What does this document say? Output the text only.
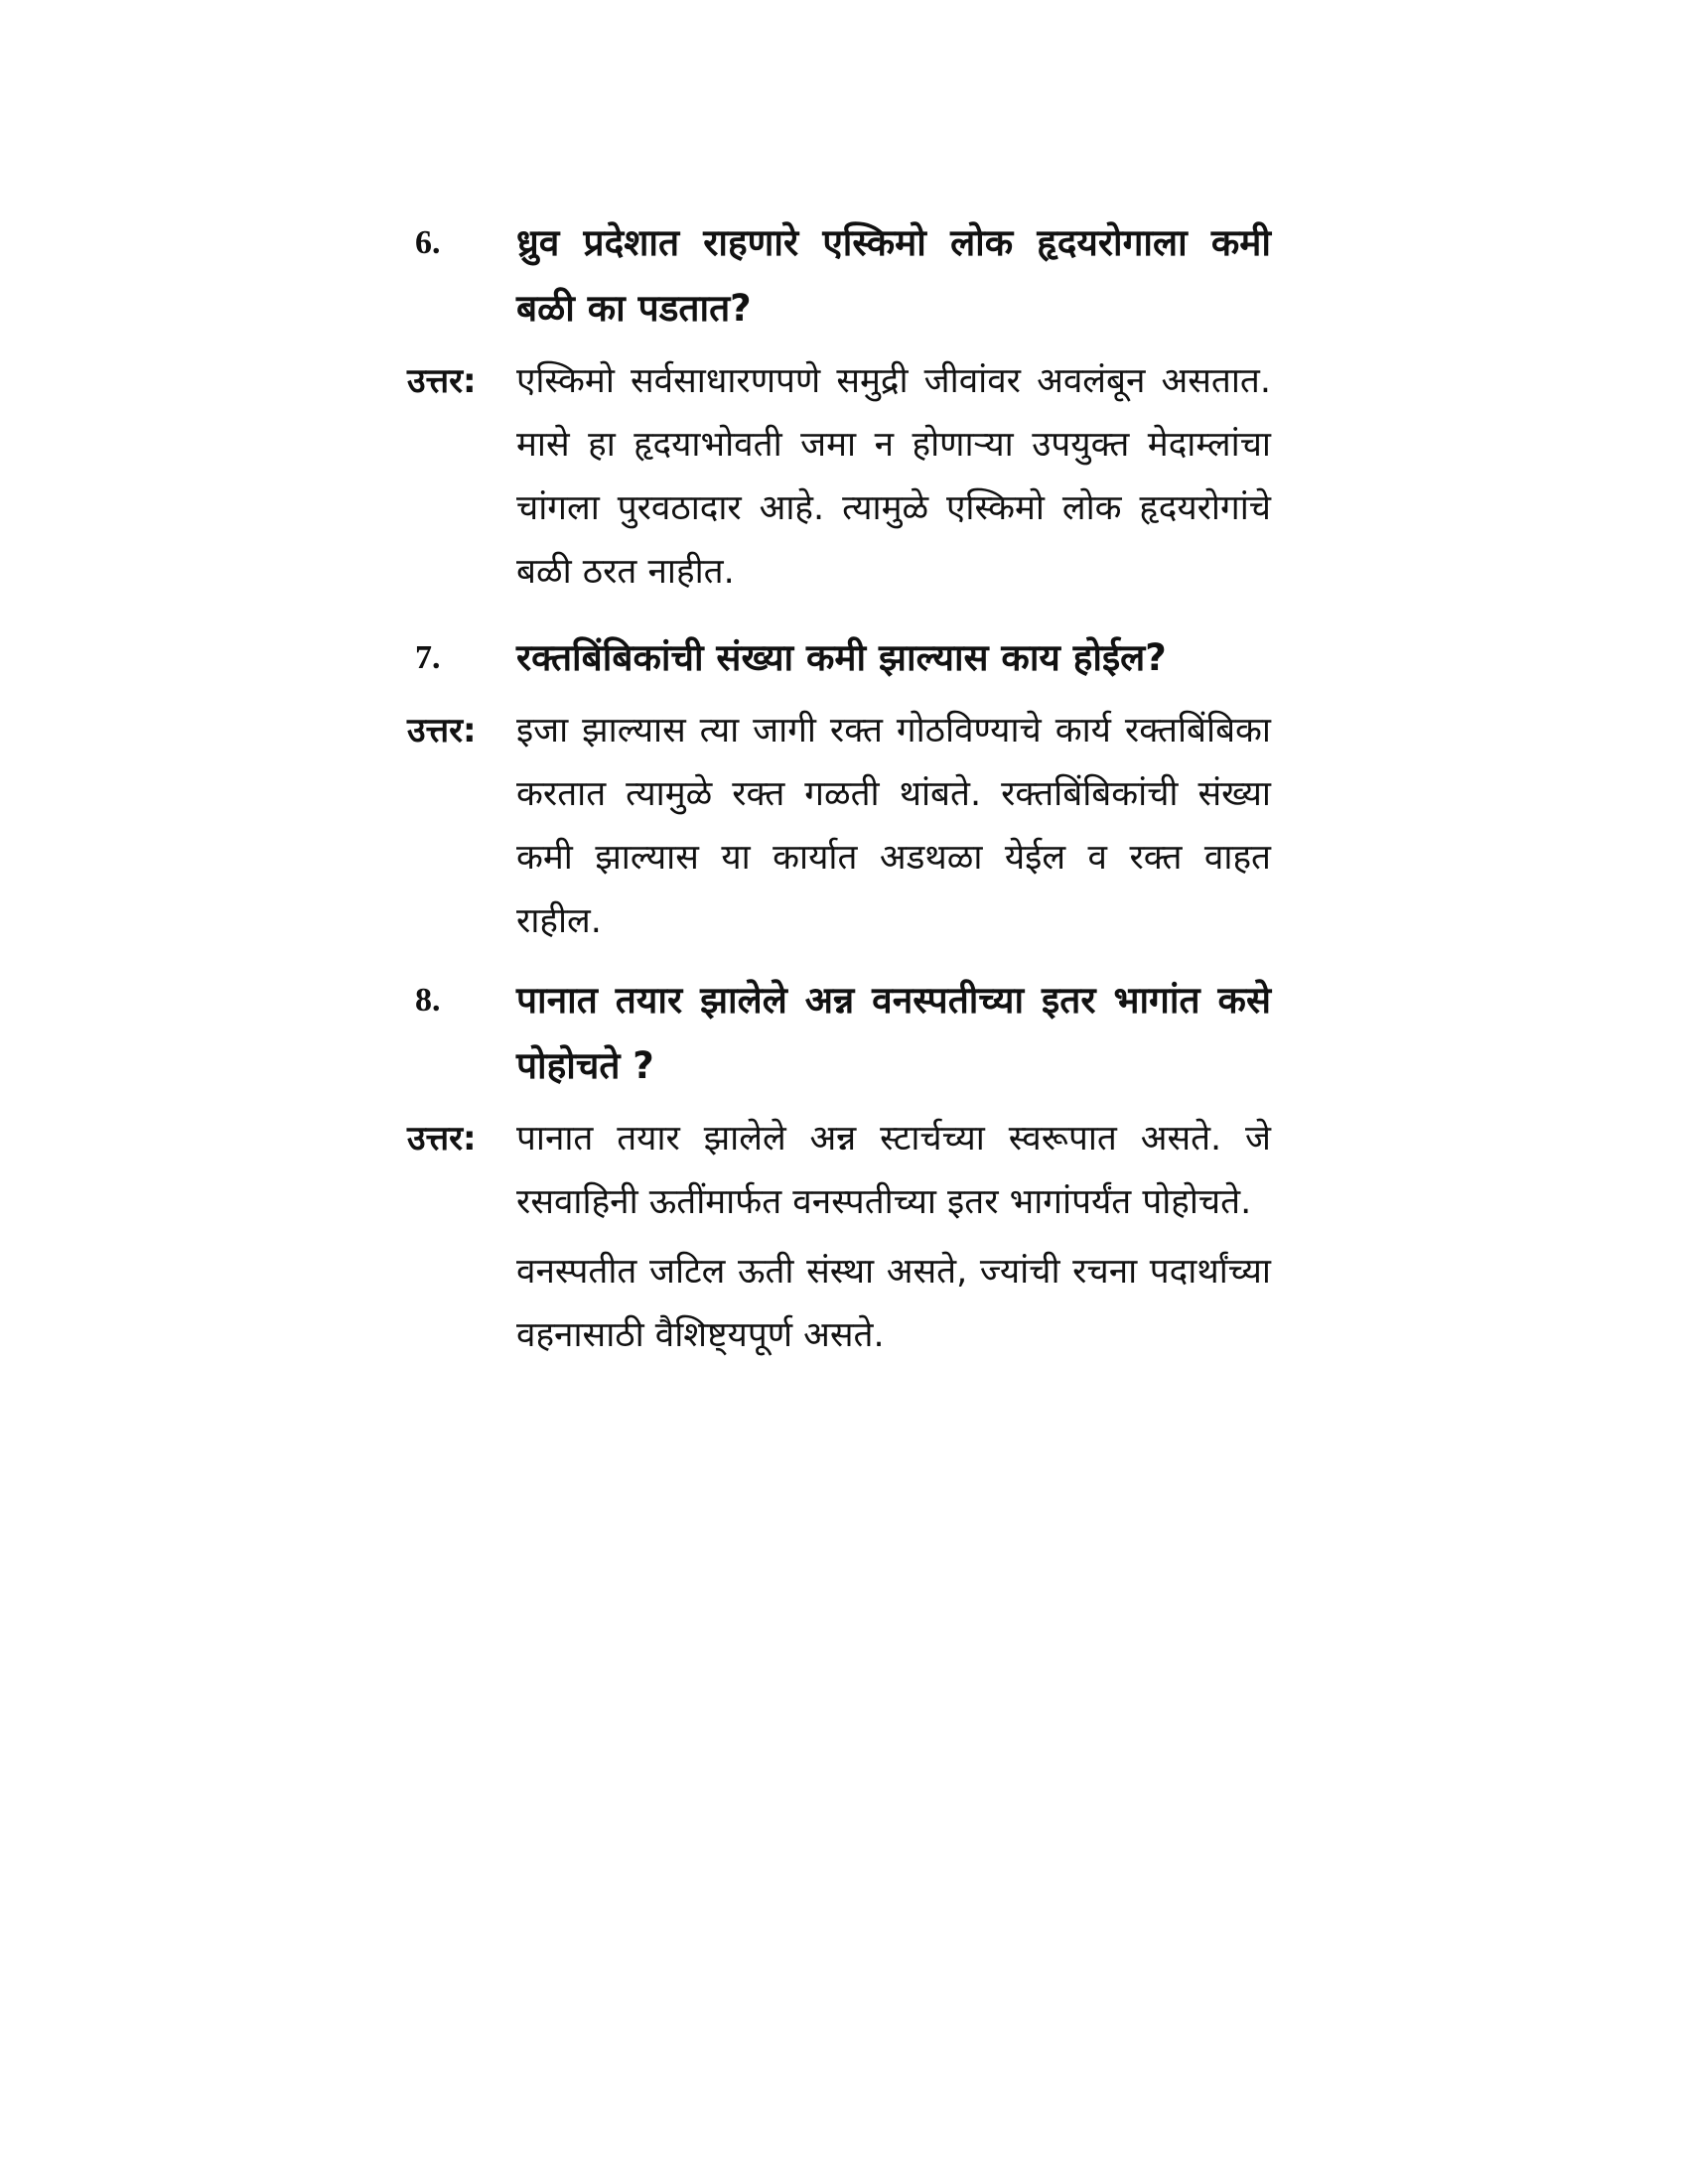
6.	ध्रुव प्रदेशात राहणारे एस्किमो लोक हृदयरोगाला कमी बळी का पडतात?
उत्तर:	एस्किमो सर्वसाधारणपणे समुद्री जीवांवर अवलंबून असतात. मासे हा हृदयाभोवती जमा न होणाऱ्या उपयुक्त मेदाम्लांचा चांगला पुरवठादार आहे. त्यामुळे एस्किमो लोक हृदयरोगांचे बळी ठरत नाहीत.

7.	रक्तबिंबिकांची संख्या कमी झाल्यास काय होईल?
उत्तर:	इजा झाल्यास त्या जागी रक्त गोठविण्याचे कार्य रक्तबिंबिका करतात त्यामुळे रक्त गळती थांबते. रक्तबिंबिकांची संख्या कमी झाल्यास या कार्यात अडथळा येईल व रक्त वाहत राहील.

8.	पानात तयार झालेले अन्न वनस्पतीच्या इतर भागांत कसे पोहोचते ?
उत्तर:	पानात तयार झालेले अन्न स्टार्चच्या स्वरूपात असते. जे रसवाहिनी ऊतींमार्फत वनस्पतीच्या इतर भागांपर्यंत पोहोचते.

वनस्पतीत जटिल ऊती संस्था असते, ज्यांची रचना पदार्थांच्या वहनासाठी वैशिष्ट्यपूर्ण असते.
